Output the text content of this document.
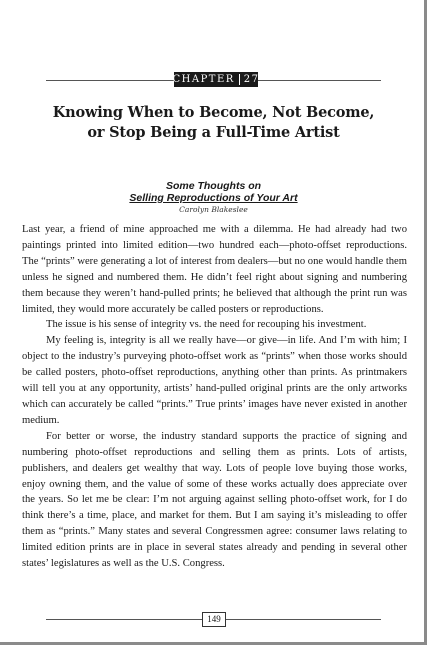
CHAPTER 27
Knowing When to Become, Not Become,
or Stop Being a Full-Time Artist
Some Thoughts on
Selling Reproductions of Your Art
Carolyn Blakeslee

Last year, a friend of mine approached me with a dilemma. He had already had two paintings printed into limited edition—two hundred each—photo-offset reproductions. The “prints” were generating a lot of interest from dealers—but no one would handle them unless he signed and numbered them. He didn’t feel right about signing and numbering them because they weren’t hand-pulled prints; he believed that although the print run was limited, they would more accurately be called posters or reproductions.

The issue is his sense of integrity vs. the need for recouping his investment.

My feeling is, integrity is all we really have—or give—in life. And I’m with him; I object to the industry’s purveying photo-offset work as “prints” when those works should be called posters, photo-offset reproductions, anything other than prints. As printmakers will tell you at any opportunity, artists’ hand-pulled original prints are the only artworks which can accurately be called “prints.” True prints’ images have never existed in another medium.

For better or worse, the industry standard supports the practice of signing and numbering photo-offset reproductions and selling them as prints. Lots of artists, publishers, and dealers get wealthy that way. Lots of people love buying those works, enjoy owning them, and the value of some of these works actually does appreciate over the years. So let me be clear: I’m not arguing against selling photo-offset work, for I do think there’s a time, place, and market for them. But I am saying it’s misleading to offer them as “prints.” Many states and several Congressmen agree: consumer laws relating to limited edition prints are in place in several states already and pending in several other states’ legislatures as well as the U.S. Congress.

149
